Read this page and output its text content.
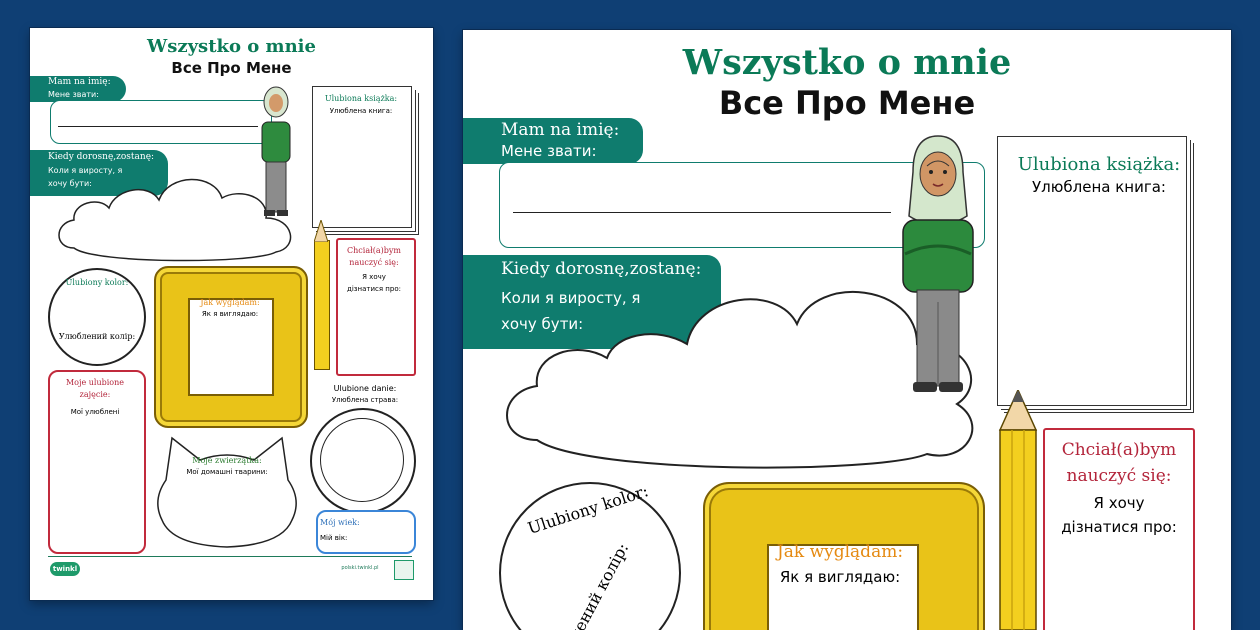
Wszystko o mnie
Все Про Мене
Mam na imię:
Мене звати:
Kiedy dorosnę,zostanę:
Коли я виросту, я
хочу бути:
Ulubiona książka:
Улюблена книга:
Chciał(a)bym
nauczyć się:
Я хочу
дізнатися про:
Ulubiony kolor:
Улюблений колір:
Jak wyglądam:
Як я виглядаю:
Moje ulubione
zajęcie:
Мої улюблені
Ulubione danie:
Улюблена страва:
Moje zwierzątka:
Мої домашні тварини:
Mój wiek:
Мій вік:
twinkl	polski.twinkl.pl
Wszystko o mnie
Все Про Мене
Mam na imię:
Мене звати:
Kiedy dorosnę,zostanę:
Коли я виросту, я
хочу бути:
Ulubiona książka:
Улюблена книга:
Chciał(a)bym
nauczyć się:
Я хочу
дізнатися про:
Ulubiony kolor:
Jak wyglądam:
Як я виглядаю:
